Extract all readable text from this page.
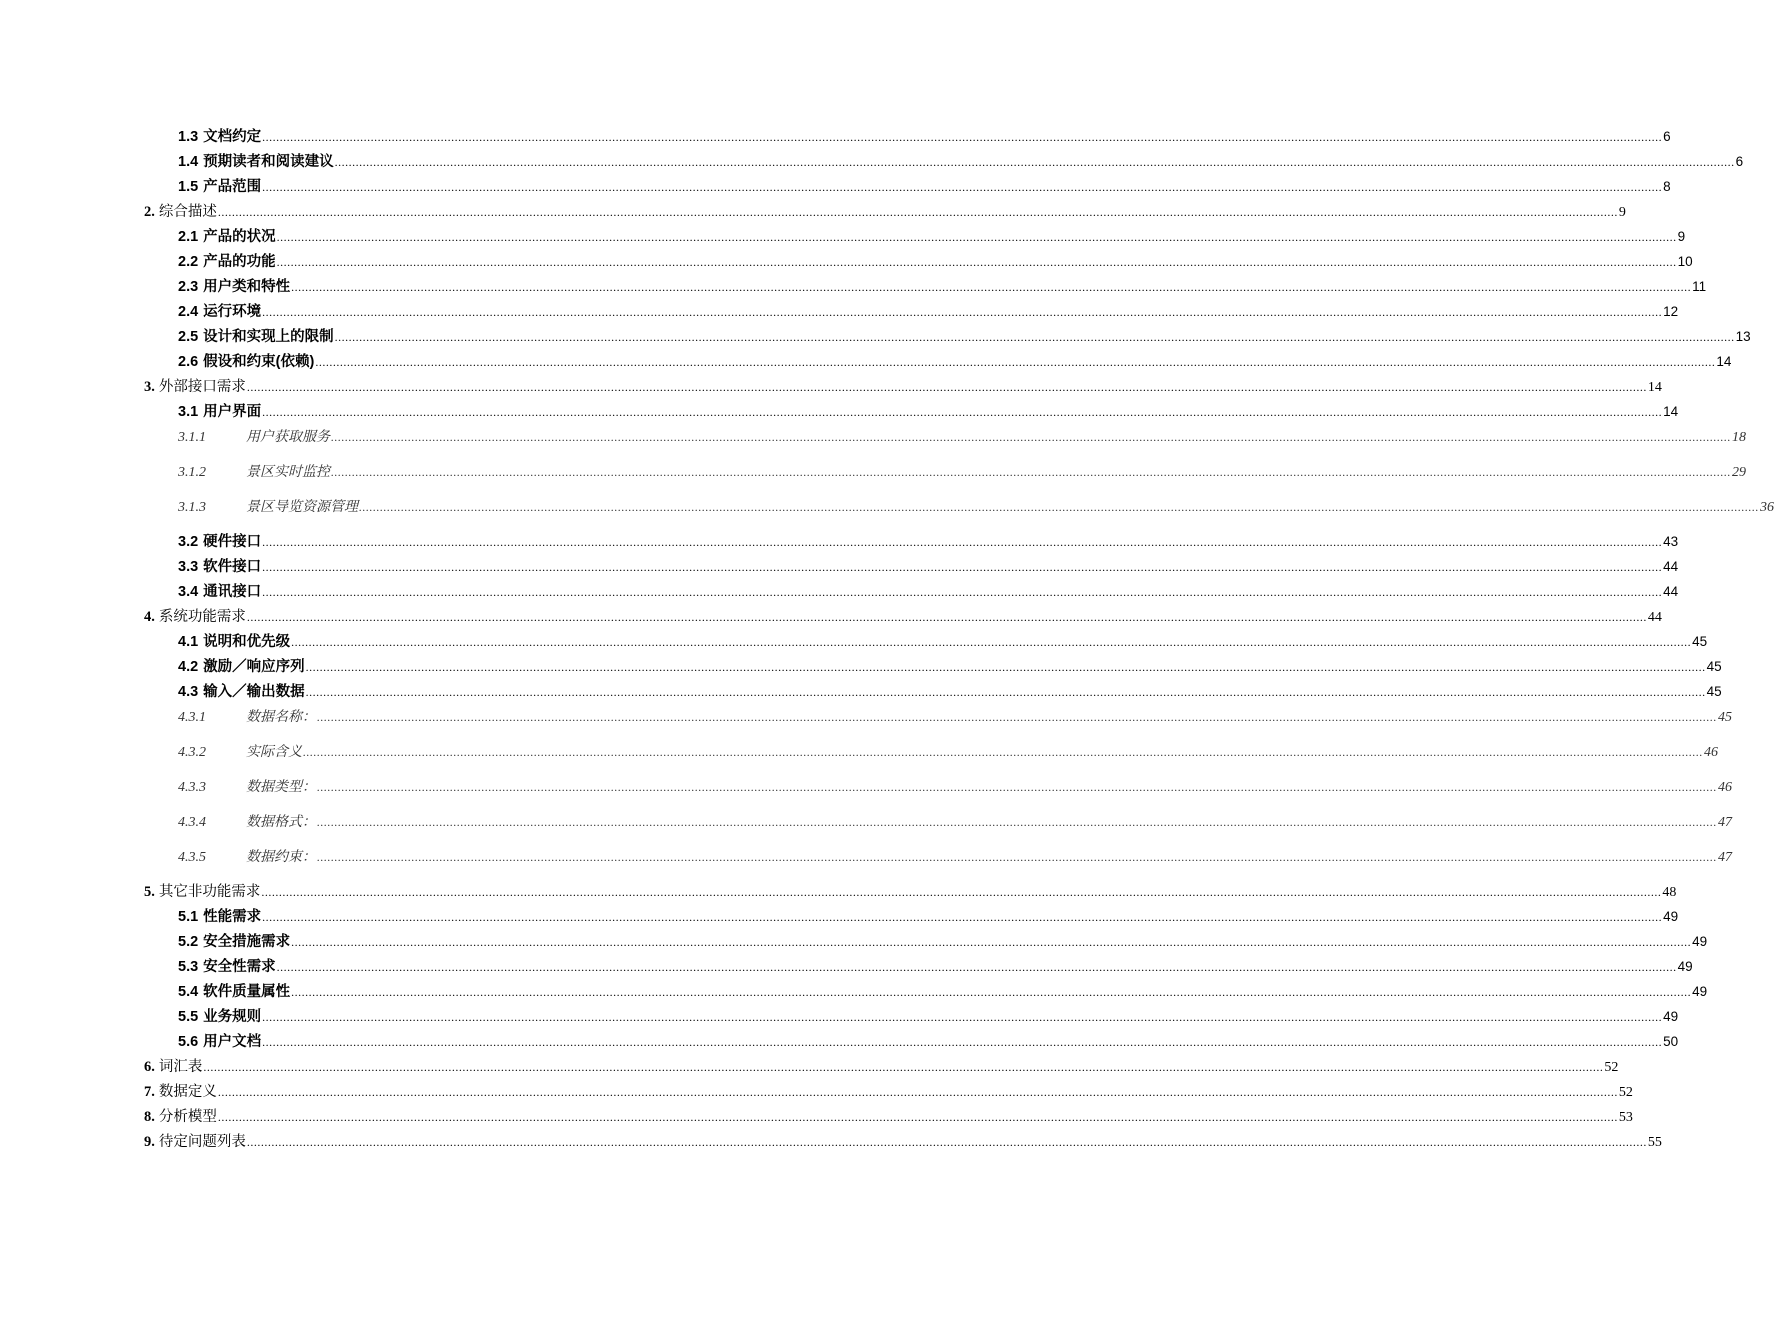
1.3 文档约定 ................................................................................................................................................................................................................................................................................................................................................................................................................ 6
1.4 预期读者和阅读建议 ................................................................................................................................................................................................................................................................................................................................................................................................................ 6
1.5 产品范围 ................................................................................................................................................................................................................................................................................................................................................................................................................ 8
2. 综合描述 ................................................................................................................................................................................................................................................................................................................................................................................................................ 9
2.1 产品的状况 ................................................................................................................................................................................................................................................................................................................................................................................................................ 9
2.2 产品的功能 ................................................................................................................................................................................................................................................................................................................................................................................................................ 10
2.3 用户类和特性 ................................................................................................................................................................................................................................................................................................................................................................................................................ 11
2.4 运行环境 ................................................................................................................................................................................................................................................................................................................................................................................................................ 12
2.5 设计和实现上的限制 ................................................................................................................................................................................................................................................................................................................................................................................................................ 13
2.6 假设和约束(依赖) ................................................................................................................................................................................................................................................................................................................................................................................................................ 14
3. 外部接口需求 ................................................................................................................................................................................................................................................................................................................................................................................................................ 14
3.1 用户界面 ................................................................................................................................................................................................................................................................................................................................................................................................................ 14
3.1.1	用户获取服务 ................................................................................................................................................................................................................................................................................................................................................................................................................ 18
3.1.2	景区实时监控 ................................................................................................................................................................................................................................................................................................................................................................................................................ 29
3.1.3	景区导览资源管理 ................................................................................................................................................................................................................................................................................................................................................................................................................ 36
3.2 硬件接口 ................................................................................................................................................................................................................................................................................................................................................................................................................ 43
3.3 软件接口 ................................................................................................................................................................................................................................................................................................................................................................................................................ 44
3.4 通讯接口 ................................................................................................................................................................................................................................................................................................................................................................................................................ 44
4. 系统功能需求 ................................................................................................................................................................................................................................................................................................................................................................................................................ 44
4.1 说明和优先级 ................................................................................................................................................................................................................................................................................................................................................................................................................ 45
4.2 激励／响应序列 ................................................................................................................................................................................................................................................................................................................................................................................................................ 45
4.3 输入／输出数据 ................................................................................................................................................................................................................................................................................................................................................................................................................ 45
4.3.1	数据名称： ................................................................................................................................................................................................................................................................................................................................................................................................................ 45
4.3.2	实际含义 ................................................................................................................................................................................................................................................................................................................................................................................................................ 46
4.3.3	数据类型： ................................................................................................................................................................................................................................................................................................................................................................................................................ 46
4.3.4	数据格式： ................................................................................................................................................................................................................................................................................................................................................................................................................ 47
4.3.5	数据约束： ................................................................................................................................................................................................................................................................................................................................................................................................................ 47
5. 其它非功能需求 ................................................................................................................................................................................................................................................................................................................................................................................................................ 48
5.1 性能需求 ................................................................................................................................................................................................................................................................................................................................................................................................................ 49
5.2 安全措施需求 ................................................................................................................................................................................................................................................................................................................................................................................................................ 49
5.3 安全性需求 ................................................................................................................................................................................................................................................................................................................................................................................................................ 49
5.4 软件质量属性 ................................................................................................................................................................................................................................................................................................................................................................................................................ 49
5.5 业务规则 ................................................................................................................................................................................................................................................................................................................................................................................................................ 49
5.6 用户文档 ................................................................................................................................................................................................................................................................................................................................................................................................................ 50
6. 词汇表 ................................................................................................................................................................................................................................................................................................................................................................................................................ 52
7. 数据定义 ................................................................................................................................................................................................................................................................................................................................................................................................................ 52
8. 分析模型 ................................................................................................................................................................................................................................................................................................................................................................................................................ 53
9. 待定问题列表 ................................................................................................................................................................................................................................................................................................................................................................................................................ 55
